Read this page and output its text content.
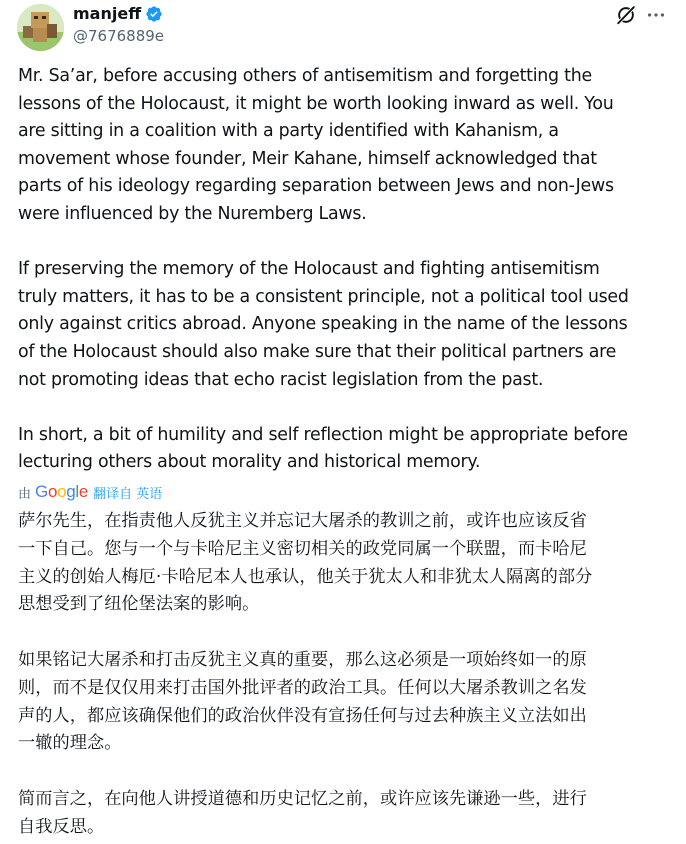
manjeff
@7676889e

Mr. Sa’ar, before accusing others of antisemitism and forgetting the
lessons of the Holocaust, it might be worth looking inward as well. You
are sitting in a coalition with a party identified with Kahanism, a
movement whose founder, Meir Kahane, himself acknowledged that
parts of his ideology regarding separation between Jews and non-Jews
were influenced by the Nuremberg Laws.

If preserving the memory of the Holocaust and fighting antisemitism
truly matters, it has to be a consistent principle, not a political tool used
only against critics abroad. Anyone speaking in the name of the lessons
of the Holocaust should also make sure that their political partners are
not promoting ideas that echo racist legislation from the past.

In short, a bit of humility and self reflection might be appropriate before
lecturing others about morality and historical memory.

由 Google 翻译自 英语

萨尔先生，在指责他人反犹主义并忘记大屠杀的教训之前，或许也应该反省
一下自己。您与一个与卡哈尼主义密切相关的政党同属一个联盟，而卡哈尼
主义的创始人梅厄·卡哈尼本人也承认，他关于犹太人和非犹太人隔离的部分
思想受到了纽伦堡法案的影响。

如果铭记大屠杀和打击反犹主义真的重要，那么这必须是一项始终如一的原
则，而不是仅仅用来打击国外批评者的政治工具。任何以大屠杀教训之名发
声的人，都应该确保他们的政治伙伴没有宣扬任何与过去种族主义立法如出
一辙的理念。

简而言之，在向他人讲授道德和历史记忆之前，或许应该先谦逊一些，进行
自我反思。
